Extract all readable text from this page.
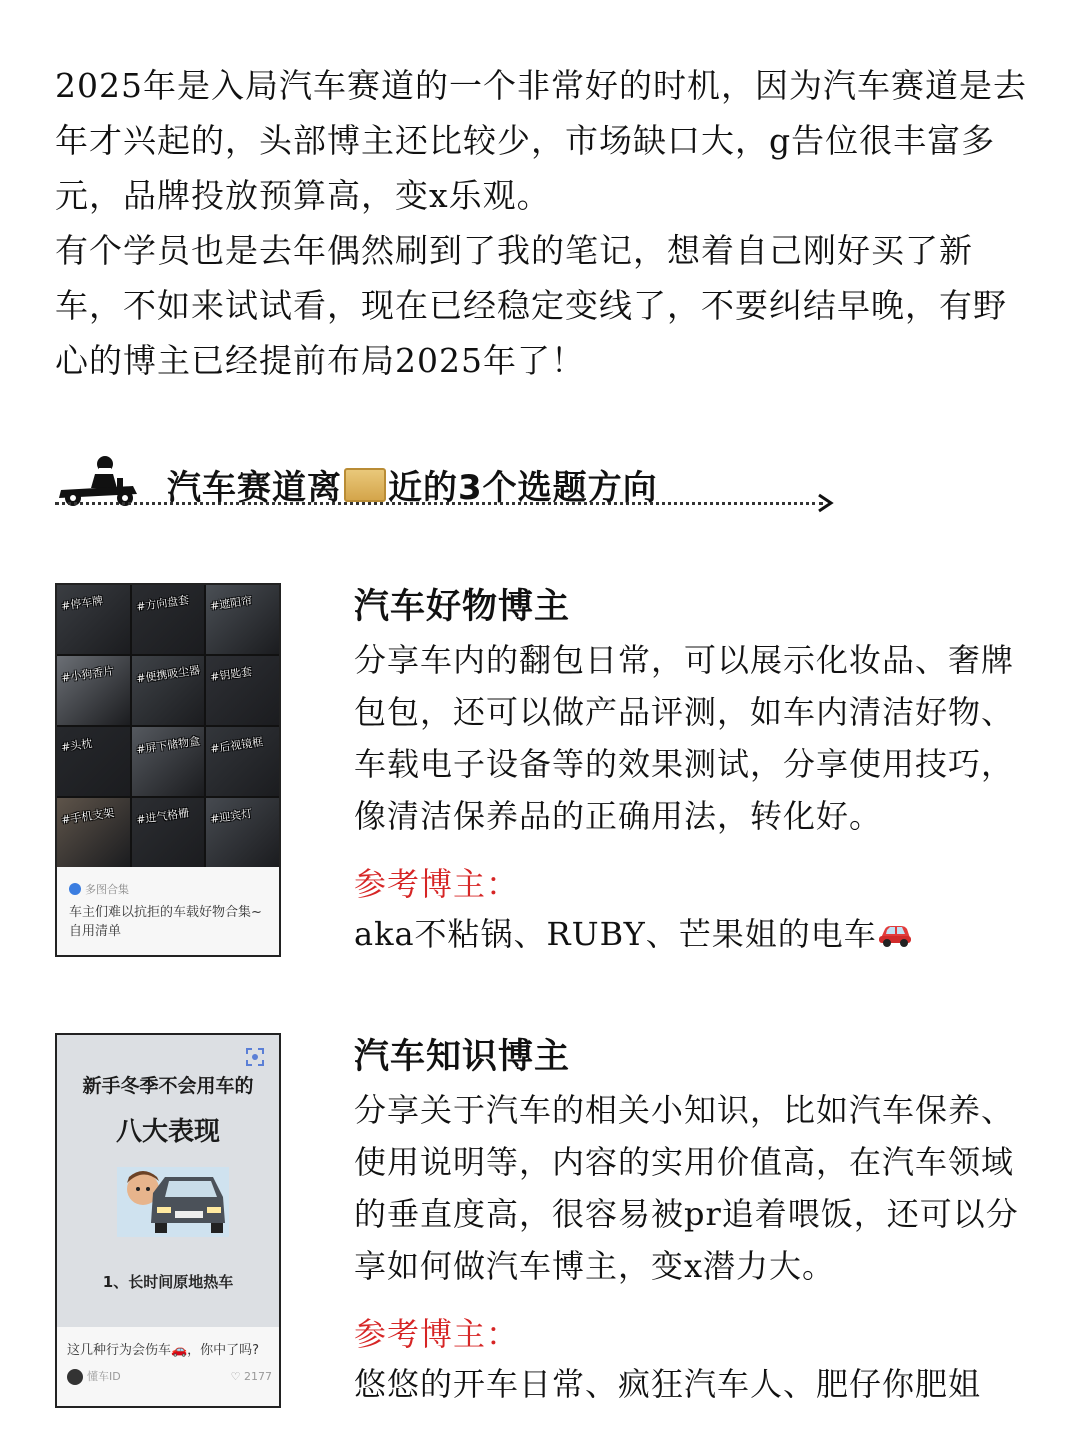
2025年是入局汽车赛道的一个非常好的时机，因为汽车赛道是去年才兴起的，头部博主还比较少，市场缺口大，g告位很丰富多元，品牌投放预算高，变x乐观。

有个学员也是去年偶然刷到了我的笔记，想着自己刚好买了新车，不如来试试看，现在已经稳定变线了，不要纠结早晚，有野心的博主已经提前布局2025年了！

汽车赛道离 近的3个选题方向
#停车牌	#方向盘套 #遮阳帘
#小狗香片 #便携吸尘器 #钥匙套
#头枕	#屏下储物盒 #后视镜框
#手机支架 #进气格栅 #迎宾灯
多图合集
车主们难以抗拒的车载好物合集~自用清单
汽车好物博主

分享车内的翻包日常，可以展示化妆品、奢牌包包，还可以做产品评测，如车内清洁好物、车载电子设备等的效果测试，分享使用技巧，像清洁保养品的正确用法，转化好。

参考博主：
aka不粘锅、RUBY、芒果姐的电车
新手冬季不会用车的
八大表现
1、长时间原地热车
这几种行为会伤车🚗，你中了吗?
懂车ID	♡ 2177
汽车知识博主

分享关于汽车的相关小知识，比如汽车保养、使用说明等，内容的实用价值高，在汽车领域的垂直度高，很容易被pr追着喂饭，还可以分享如何做汽车博主，变x潜力大。

参考博主：
悠悠的开车日常、疯狂汽车人、肥仔你肥姐
